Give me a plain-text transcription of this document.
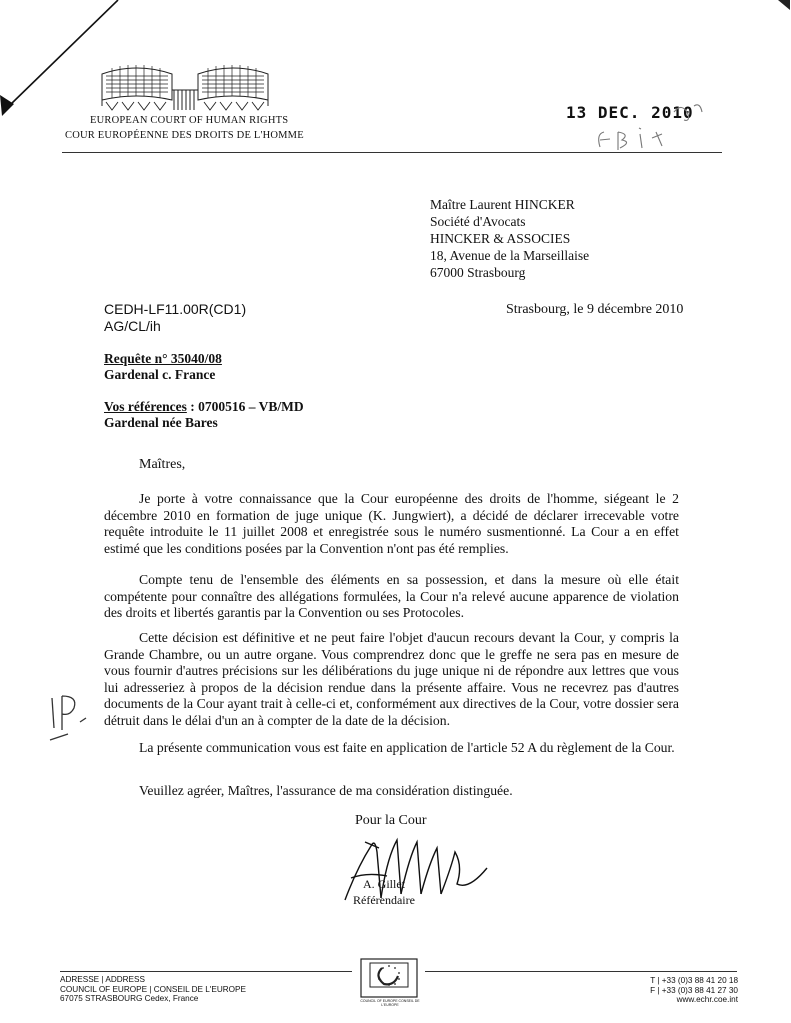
EUROPEAN COURT OF HUMAN RIGHTS
COUR EUROPÉENNE DES DROITS DE L'HOMME
13 DEC. 2010
Maître Laurent HINCKER
Société d'Avocats
HINCKER & ASSOCIES
18, Avenue de la Marseillaise
67000 Strasbourg
CEDH-LF11.00R(CD1)
AG/CL/ih
Strasbourg, le 9 décembre 2010
Requête n° 35040/08
Gardenal c. France
Vos références : 0700516 – VB/MD
Gardenal née Bares
Maîtres,
Je porte à votre connaissance que la Cour européenne des droits de l'homme, siégeant le 2 décembre 2010 en formation de juge unique (K. Jungwiert), a décidé de déclarer irrecevable votre requête introduite le 11 juillet 2008 et enregistrée sous le numéro susmentionné. La Cour a en effet estimé que les conditions posées par la Convention n'ont pas été remplies.
Compte tenu de l'ensemble des éléments en sa possession, et dans la mesure où elle était compétente pour connaître des allégations formulées, la Cour n'a relevé aucune apparence de violation des droits et libertés garantis par la Convention ou ses Protocoles.
Cette décision est définitive et ne peut faire l'objet d'aucun recours devant la Cour, y compris la Grande Chambre, ou un autre organe. Vous comprendrez donc que le greffe ne sera pas en mesure de vous fournir d'autres précisions sur les délibérations du juge unique ni de répondre aux lettres que vous lui adresseriez à propos de la décision rendue dans la présente affaire. Vous ne recevrez pas d'autres documents de la Cour ayant trait à celle-ci et, conformément aux directives de la Cour, votre dossier sera détruit dans le délai d'un an à compter de la date de la décision.
La présente communication vous est faite en application de l'article 52 A du règlement de la Cour.
Veuillez agréer, Maîtres, l'assurance de ma considération distinguée.
Pour la Cour
A. Gillet
Référendaire
ADRESSE | ADDRESS
COUNCIL OF EUROPE | CONSEIL DE L'EUROPE
67075 STRASBOURG Cedex, France	COUNCIL OF EUROPE CONSEIL DE L'EUROPE
T | +33 (0)3 88 41 20 18
F | +33 (0)3 88 41 27 30
www.echr.coe.int
